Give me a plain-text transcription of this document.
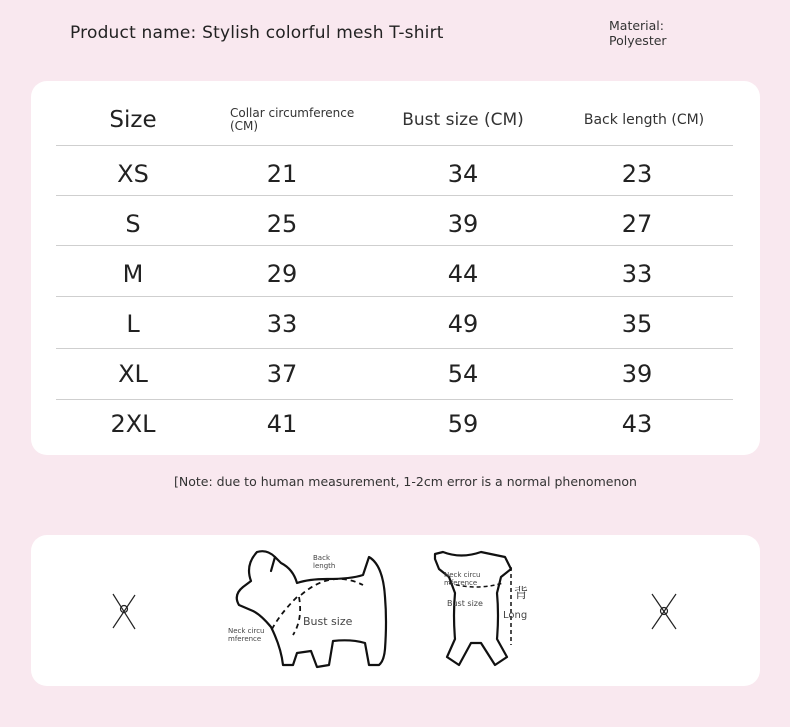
Product name: Stylish colorful mesh T-shirt	Material:
Polyester
Size	Collar circumference (CM)	Bust size (CM)	Back length (CM)
XS	21	34	23
S	25	39	27
M	29	44	33
L	33	49	35
XL	37	54	39
2XL	41	59	43
[Note: due to human measurement, 1-2cm error is a normal phenomenon
Back
length
Neck circu
mference
Bust size
Neck circu
mference
Bust size
背
Long
